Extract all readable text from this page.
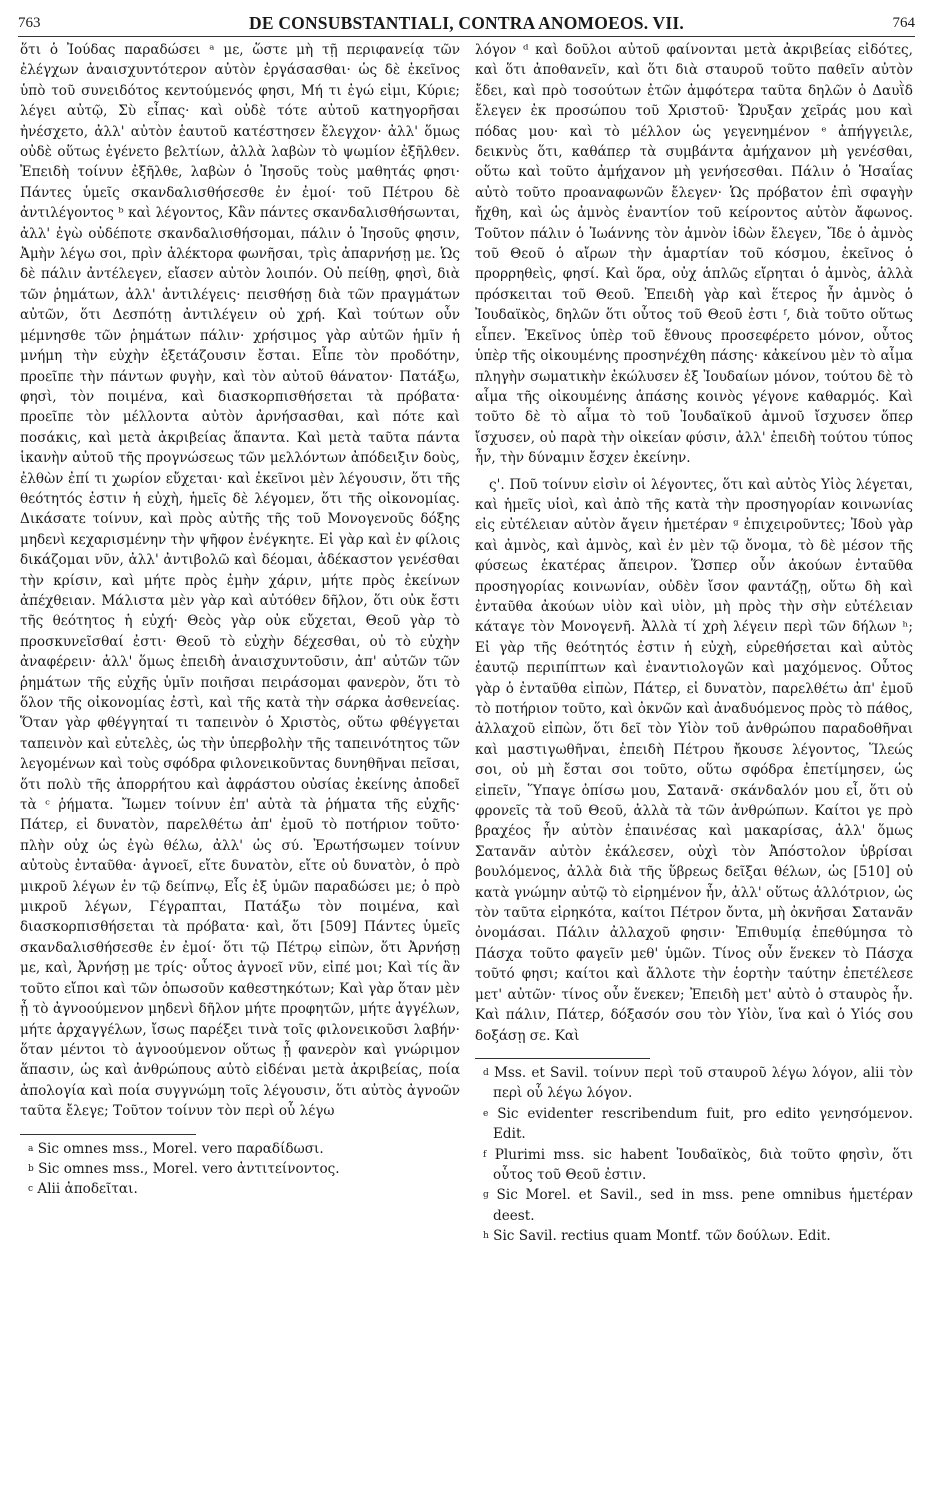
763	DE CONSUBSTANTIALI, CONTRA ANOMOEOS. VII.	764

ὅτι ὁ Ἰούδας παραδώσει ᵃ με, ὥστε μὴ τῇ περιφανείᾳ τῶν ἐλέγχων ἀναισχυντότερον αὐτὸν ἐργάσασθαι· ὡς δὲ ἐκεῖνος ὑπὸ τοῦ συνειδότος κεντούμενός φησι, Μή τι ἐγώ εἰμι, Κύριε; λέγει αὐτῷ, Σὺ εἶπας· καὶ οὐδὲ τότε αὐτοῦ κατηγορῆσαι ἠνέσχετο, ἀλλ' αὐτὸν ἑαυτοῦ κατέστησεν ἔλεγχον· ἀλλ' ὅμως οὐδὲ οὕτως ἐγένετο βελτίων, ἀλλὰ λαβὼν τὸ ψωμίον ἐξῆλθεν. Ἐπειδὴ τοίνυν ἐξῆλθε, λαβὼν ὁ Ἰησοῦς τοὺς μαθητάς φησι· Πάντες ὑμεῖς σκανδαλισθήσεσθε ἐν ἐμοί· τοῦ Πέτρου δὲ ἀντιλέγοντος ᵇ καὶ λέγοντος, Κἂν πάντες σκανδαλισθήσωνται, ἀλλ' ἐγὼ οὐδέποτε σκανδαλισθήσομαι, πάλιν ὁ Ἰησοῦς φησιν, Ἀμὴν λέγω σοι, πρὶν ἀλέκτορα φωνῆσαι, τρὶς ἀπαρνήσῃ με. Ὡς δὲ πάλιν ἀντέλεγεν, εἴασεν αὐτὸν λοιπόν. Οὐ πείθῃ, φησὶ, διὰ τῶν ῥημάτων, ἀλλ' ἀντιλέγεις· πεισθήσῃ διὰ τῶν πραγμάτων αὐτῶν, ὅτι Δεσπότῃ ἀντιλέγειν οὐ χρή. Καὶ τούτων οὖν μέμνησθε τῶν ῥημάτων πάλιν· χρήσιμος γὰρ αὐτῶν ἡμῖν ἡ μνήμη τὴν εὐχὴν ἐξετάζουσιν ἔσται. Εἶπε τὸν προδότην, προεῖπε τὴν πάντων φυγὴν, καὶ τὸν αὐτοῦ θάνατον· Πατάξω, φησὶ, τὸν ποιμένα, καὶ διασκορπισθήσεται τὰ πρόβατα· προεῖπε τὸν μέλλοντα αὐτὸν ἀρνήσασθαι, καὶ πότε καὶ ποσάκις, καὶ μετὰ ἀκριβείας ἅπαντα. Καὶ μετὰ ταῦτα πάντα ἱκανὴν αὐτοῦ τῆς προγνώσεως τῶν μελλόντων ἀπόδειξιν δοὺς, ἐλθὼν ἐπί τι χωρίον εὔχεται· καὶ ἐκεῖνοι μὲν λέγουσιν, ὅτι τῆς θεότητός ἐστιν ἡ εὐχὴ, ἡμεῖς δὲ λέγομεν, ὅτι τῆς οἰκονομίας. Δικάσατε τοίνυν, καὶ πρὸς αὐτῆς τῆς τοῦ Μονογενοῦς δόξης μηδενὶ κεχαρισμένην τὴν ψῆφον ἐνέγκητε. Εἰ γὰρ καὶ ἐν φίλοις δικάζομαι νῦν, ἀλλ' ἀντιβολῶ καὶ δέομαι, ἀδέκαστον γενέσθαι τὴν κρίσιν, καὶ μήτε πρὸς ἐμὴν χάριν, μήτε πρὸς ἐκείνων ἀπέχθειαν. Μάλιστα μὲν γὰρ καὶ αὐτόθεν δῆλον, ὅτι οὐκ ἔστι τῆς θεότητος ἡ εὐχή· Θεὸς γὰρ οὐκ εὔχεται, Θεοῦ γὰρ τὸ προσκυνεῖσθαί ἐστι· Θεοῦ τὸ εὐχὴν δέχεσθαι, οὐ τὸ εὐχὴν ἀναφέρειν· ἀλλ' ὅμως ἐπειδὴ ἀναισχυντοῦσιν, ἀπ' αὐτῶν τῶν ῥημάτων τῆς εὐχῆς ὑμῖν ποιῆσαι πειράσομαι φανερὸν, ὅτι τὸ ὅλον τῆς οἰκονομίας ἐστὶ, καὶ τῆς κατὰ τὴν σάρκα ἀσθενείας. Ὅταν γὰρ φθέγγηταί τι ταπεινὸν ὁ Χριστὸς, οὕτω φθέγγεται ταπεινὸν καὶ εὐτελὲς, ὡς τὴν ὑπερβολὴν τῆς ταπεινότητος τῶν λεγομένων καὶ τοὺς σφόδρα φιλονεικοῦντας δυνηθῆναι πεῖσαι, ὅτι πολὺ τῆς ἀπορρήτου καὶ ἀφράστου οὐσίας ἐκείνης ἀποδεῖ τὰ ᶜ ῥήματα. Ἴωμεν τοίνυν ἐπ' αὐτὰ τὰ ῥήματα τῆς εὐχῆς· Πάτερ, εἰ δυνατὸν, παρελθέτω ἀπ' ἐμοῦ τὸ ποτήριον τοῦτο· πλὴν οὐχ ὡς ἐγὼ θέλω, ἀλλ' ὡς σύ. Ἐρωτήσωμεν τοίνυν αὐτοὺς ἐνταῦθα· ἀγνοεῖ, εἴτε δυνατὸν, εἴτε οὐ δυνατὸν, ὁ πρὸ μικροῦ λέγων ἐν τῷ δείπνῳ, Εἷς ἐξ ὑμῶν παραδώσει με; ὁ πρὸ μικροῦ λέγων, Γέγραπται, Πατάξω τὸν ποιμένα, καὶ διασκορπισθήσεται τὰ πρόβατα· καὶ, ὅτι [509] Πάντες ὑμεῖς σκανδαλισθήσεσθε ἐν ἐμοί· ὅτι τῷ Πέτρῳ εἰπὼν, ὅτι Ἀρνήσῃ με, καὶ, Ἀρνήσῃ με τρίς· οὗτος ἀγνοεῖ νῦν, εἰπέ μοι; Καὶ τίς ἂν τοῦτο εἴποι καὶ τῶν ὁπωσοῦν καθεστηκότων; Καὶ γὰρ ὅταν μὲν ᾖ τὸ ἀγνοούμενον μηδενὶ δῆλον μήτε προφητῶν, μήτε ἀγγέλων, μήτε ἀρχαγγέλων, ἴσως παρέξει τινὰ τοῖς φιλονεικοῦσι λαβήν· ὅταν μέντοι τὸ ἀγνοούμενον οὕτως ᾖ φανερὸν καὶ γνώριμον ἅπασιν, ὡς καὶ ἀνθρώπους αὐτὸ εἰδέναι μετὰ ἀκριβείας, ποία ἀπολογία καὶ ποία συγγνώμη τοῖς λέγουσιν, ὅτι αὐτὸς ἀγνοῶν ταῦτα ἔλεγε; Τοῦτον τοίνυν τὸν περὶ οὗ λέγω

$^a$ Sic omnes mss., Morel. vero παραδίδωσι.

$^b$ Sic omnes mss., Morel. vero ἀντιτείνοντος.

$^c$ Alii ἀποδεῖται.

λόγον ᵈ καὶ δοῦλοι αὐτοῦ φαίνονται μετὰ ἀκριβείας εἰδότες, καὶ ὅτι ἀποθανεῖν, καὶ ὅτι διὰ σταυροῦ τοῦτο παθεῖν αὐτὸν ἔδει, καὶ πρὸ τοσούτων ἐτῶν ἀμφότερα ταῦτα δηλῶν ὁ Δαυῒδ ἔλεγεν ἐκ προσώπου τοῦ Χριστοῦ· Ὤρυξαν χεῖράς μου καὶ πόδας μου· καὶ τὸ μέλλον ὡς γεγενημένον ᵉ ἀπήγγειλε, δεικνὺς ὅτι, καθάπερ τὰ συμβάντα ἀμήχανον μὴ γενέσθαι, οὕτω καὶ τοῦτο ἀμήχανον μὴ γενήσεσθαι. Πάλιν ὁ Ἡσαΐας αὐτὸ τοῦτο προαναφωνῶν ἔλεγεν· Ὡς πρόβατον ἐπὶ σφαγὴν ἤχθη, καὶ ὡς ἀμνὸς ἐναντίον τοῦ κείροντος αὐτὸν ἄφωνος. Τοῦτον πάλιν ὁ Ἰωάννης τὸν ἀμνὸν ἰδὼν ἔλεγεν, Ἴδε ὁ ἀμνὸς τοῦ Θεοῦ ὁ αἴρων τὴν ἁμαρτίαν τοῦ κόσμου, ἐκεῖνος ὁ προρρηθεὶς, φησί. Καὶ ὅρα, οὐχ ἁπλῶς εἴρηται ὁ ἀμνὸς, ἀλλὰ πρόσκειται τοῦ Θεοῦ. Ἐπειδὴ γὰρ καὶ ἕτερος ἦν ἀμνὸς ὁ Ἰουδαϊκὸς, δηλῶν ὅτι οὗτος τοῦ Θεοῦ ἐστι ᶠ, διὰ τοῦτο οὕτως εἶπεν. Ἐκεῖνος ὑπὲρ τοῦ ἔθνους προσεφέρετο μόνον, οὗτος ὑπὲρ τῆς οἰκουμένης προσηνέχθη πάσης· κἀκείνου μὲν τὸ αἷμα πληγὴν σωματικὴν ἐκώλυσεν ἐξ Ἰουδαίων μόνον, τούτου δὲ τὸ αἷμα τῆς οἰκουμένης ἁπάσης κοινὸς γέγονε καθαρμός. Καὶ τοῦτο δὲ τὸ αἷμα τὸ τοῦ Ἰουδαϊκοῦ ἀμνοῦ ἴσχυσεν ὅπερ ἴσχυσεν, οὐ παρὰ τὴν οἰκείαν φύσιν, ἀλλ' ἐπειδὴ τούτου τύπος ἦν, τὴν δύναμιν ἔσχεν ἐκείνην.

ς'. Ποῦ τοίνυν εἰσὶν οἱ λέγοντες, ὅτι καὶ αὐτὸς Υἱὸς λέγεται, καὶ ἡμεῖς υἱοὶ, καὶ ἀπὸ τῆς κατὰ τὴν προσηγορίαν κοινωνίας εἰς εὐτέλειαν αὐτὸν ἄγειν ἡμετέραν ᵍ ἐπιχειροῦντες; Ἰδοὺ γὰρ καὶ ἀμνὸς, καὶ ἀμνὸς, καὶ ἐν μὲν τῷ ὄνομα, τὸ δὲ μέσον τῆς φύσεως ἑκατέρας ἄπειρον. Ὥσπερ οὖν ἀκούων ἐνταῦθα προσηγορίας κοινωνίαν, οὐδὲν ἴσον φαντάζῃ, οὕτω δὴ καὶ ἐνταῦθα ἀκούων υἱὸν καὶ υἱὸν, μὴ πρὸς τὴν σὴν εὐτέλειαν κάταγε τὸν Μονογενῆ. Ἀλλὰ τί χρὴ λέγειν περὶ τῶν δήλων ʰ; Εἰ γὰρ τῆς θεότητός ἐστιν ἡ εὐχὴ, εὑρεθήσεται καὶ αὐτὸς ἑαυτῷ περιπίπτων καὶ ἐναντιολογῶν καὶ μαχόμενος. Οὗτος γὰρ ὁ ἐνταῦθα εἰπὼν, Πάτερ, εἰ δυνατὸν, παρελθέτω ἀπ' ἐμοῦ τὸ ποτήριον τοῦτο, καὶ ὀκνῶν καὶ ἀναδυόμενος πρὸς τὸ πάθος, ἀλλαχοῦ εἰπὼν, ὅτι δεῖ τὸν Υἱὸν τοῦ ἀνθρώπου παραδοθῆναι καὶ μαστιγωθῆναι, ἐπειδὴ Πέτρου ἤκουσε λέγοντος, Ἵλεώς σοι, οὐ μὴ ἔσται σοι τοῦτο, οὕτω σφόδρα ἐπετίμησεν, ὡς εἰπεῖν, Ὕπαγε ὀπίσω μου, Σατανᾶ· σκάνδαλόν μου εἶ, ὅτι οὐ φρονεῖς τὰ τοῦ Θεοῦ, ἀλλὰ τὰ τῶν ἀνθρώπων. Καίτοι γε πρὸ βραχέος ἦν αὐτὸν ἐπαινέσας καὶ μακαρίσας, ἀλλ' ὅμως Σατανᾶν αὐτὸν ἐκάλεσεν, οὐχὶ τὸν Ἀπόστολον ὑβρίσαι βουλόμενος, ἀλλὰ διὰ τῆς ὕβρεως δεῖξαι θέλων, ὡς [510] οὐ κατὰ γνώμην αὐτῷ τὸ εἰρημένον ἦν, ἀλλ' οὕτως ἀλλότριον, ὡς τὸν ταῦτα εἰρηκότα, καίτοι Πέτρον ὄντα, μὴ ὀκνῆσαι Σατανᾶν ὀνομάσαι. Πάλιν ἀλλαχοῦ φησιν· Ἐπιθυμίᾳ ἐπεθύμησα τὸ Πάσχα τοῦτο φαγεῖν μεθ' ὑμῶν. Τίνος οὖν ἕνεκεν τὸ Πάσχα τοῦτό φησι; καίτοι καὶ ἄλλοτε τὴν ἑορτὴν ταύτην ἐπετέλεσε μετ' αὐτῶν· τίνος οὖν ἕνεκεν; Ἐπειδὴ μετ' αὐτὸ ὁ σταυρὸς ἦν. Καὶ πάλιν, Πάτερ, δόξασόν σου τὸν Υἱὸν, ἵνα καὶ ὁ Υἱός σου δοξάσῃ σε. Καὶ

$^d$ Mss. et Savil. τοίνυν περὶ τοῦ σταυροῦ λέγω λόγον, alii τὸν περὶ οὗ λέγω λόγον.

$^e$ Sic evidenter rescribendum fuit, pro edito γενησόμενον. Edit.

$^f$ Plurimi mss. sic habent Ἰουδαϊκὸς, διὰ τοῦτο φησὶν, ὅτι οὗτος τοῦ Θεοῦ ἐστιν.

$^g$ Sic Morel. et Savil., sed in mss. pene omnibus ἡμετέραν deest.

$^h$ Sic Savil. rectius quam Montf. τῶν δούλων. Edit.
